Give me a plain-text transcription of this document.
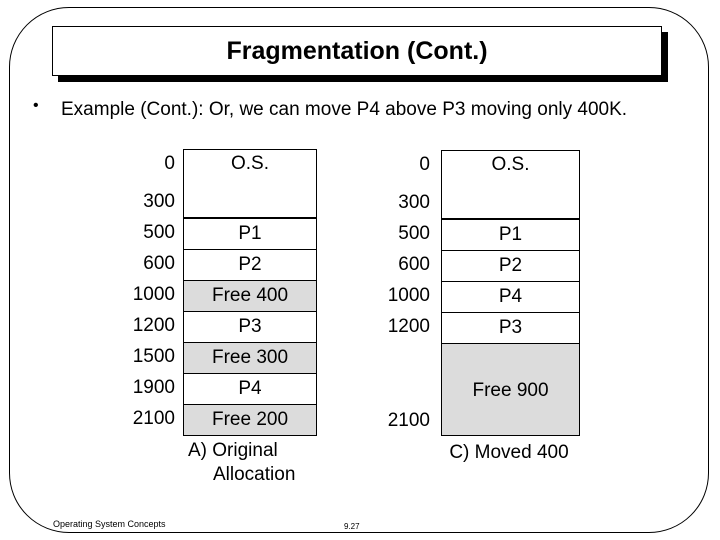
Fragmentation (Cont.)
• Example (Cont.): Or, we can move P4 above P3 moving only 400K.
0
300
500
600
1000
1200
1500
1900
2100
O.S.
P1
P2
Free 400
P3
Free 300
P4
Free 200
A) Original
Allocation
0
300
500
600
1000
1200
2100
O.S.
P1
P2
P4
P3
Free 900
C) Moved 400
Operating System Concepts	9.27
